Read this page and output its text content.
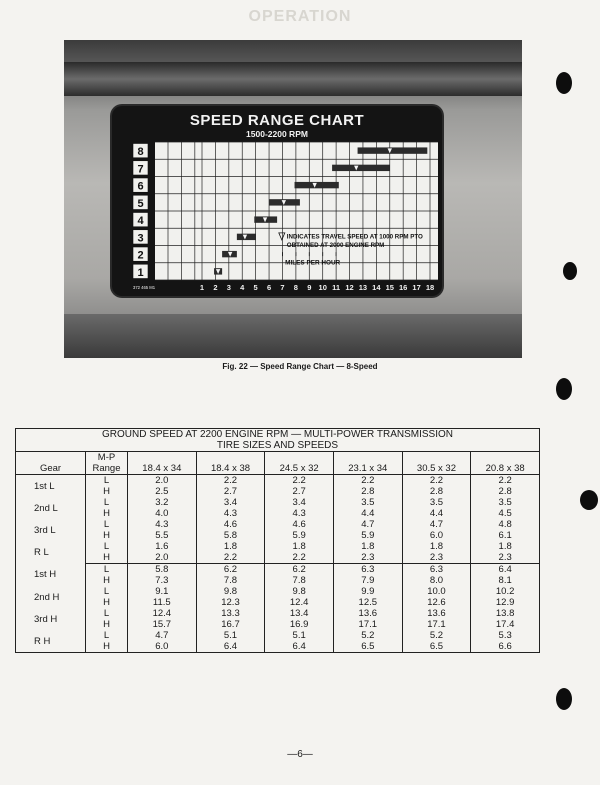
OPERATION
SPEED RANGE CHART
1500-2200 RPM
1
2
3
4
5
6
7
8
INDICATES TRAVEL SPEED AT 1000 RPM PTO
OBTAINED AT 2000 ENGINE RPM
MILES PER HOUR
1 2 3 4 5 6 7 8 9 10 11 12 13 14 15 16 17 18
372 465 M1
Fig. 22 — Speed Range Chart — 8-Speed
GROUND SPEED AT 2200 ENGINE RPM — MULTI-POWER TRANSMISSION							
TIRE SIZES AND SPEEDS							
Gear	M-P
Range	18.4 x 34	18.4 x 38	24.5 x 32	23.1 x 34	30.5 x 32	20.8 x 38
1st L	L	2.0	2.2	2.2	2.2	2.2	2.2
	H	2.5	2.7	2.7	2.8	2.8	2.8
2nd L	L	3.2	3.4	3.4	3.5	3.5	3.5
	H	4.0	4.3	4.3	4.4	4.4	4.5
3rd L	L	4.3	4.6	4.6	4.7	4.7	4.8
	H	5.5	5.8	5.9	5.9	6.0	6.1
R L	L	1.6	1.8	1.8	1.8	1.8	1.8
	H	2.0	2.2	2.2	2.3	2.3	2.3
1st H	L	5.8	6.2	6.2	6.3	6.3	6.4
	H	7.3	7.8	7.8	7.9	8.0	8.1
2nd H	L	9.1	9.8	9.8	9.9	10.0	10.2
	H	11.5	12.3	12.4	12.5	12.6	12.9
3rd H	L	12.4	13.3	13.4	13.6	13.6	13.8
	H	15.7	16.7	16.9	17.1	17.1	17.4
R H	L	4.7	5.1	5.1	5.2	5.2	5.3
	H	6.0	6.4	6.4	6.5	6.5	6.6
—6—
